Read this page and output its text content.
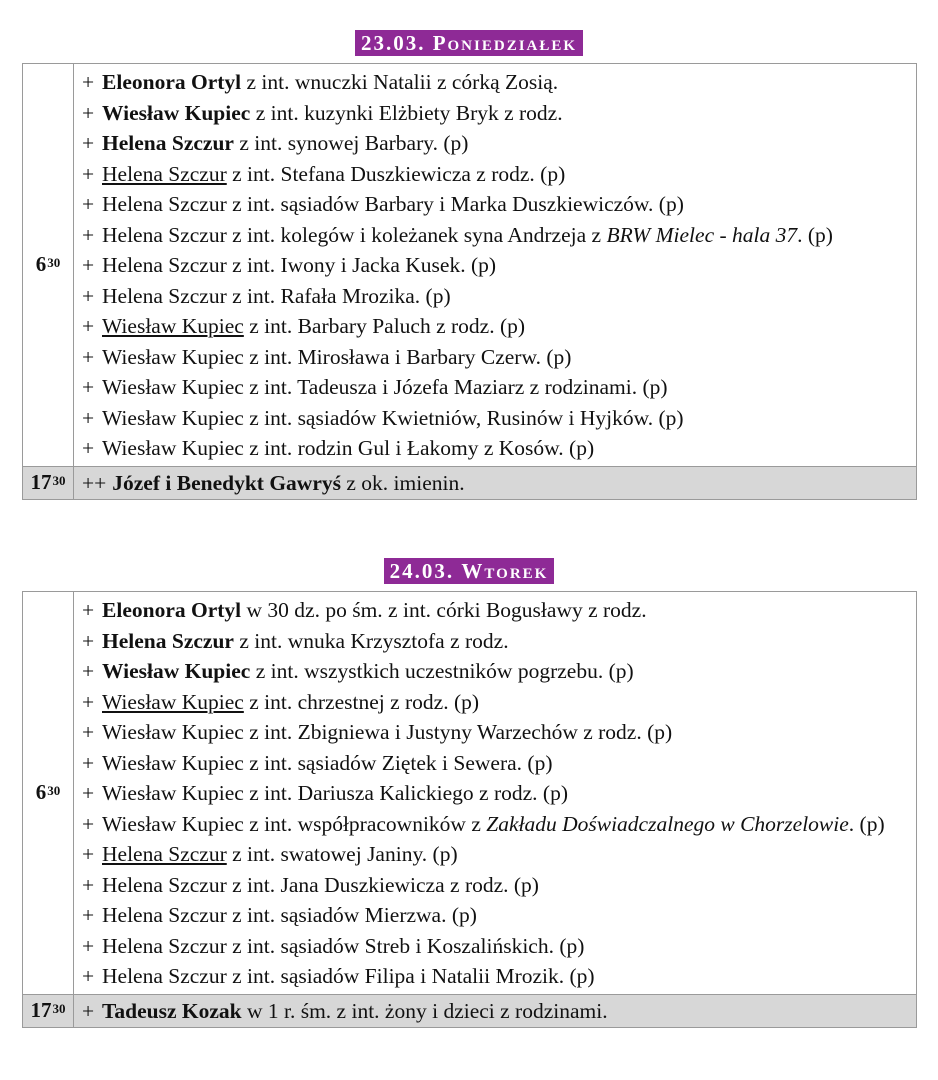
23.03. Poniedziałek
$6^{30}$
+ Eleonora Ortyl z int. wnuczki Natalii z córką Zosią.
+ Wiesław Kupiec z int. kuzynki Elżbiety Bryk z rodz.
+ Helena Szczur z int. synowej Barbary. (p)
+ Helena Szczur z int. Stefana Duszkiewicza z rodz. (p)
+ Helena Szczur z int. sąsiadów Barbary i Marka Duszkiewiczów. (p)
+ Helena Szczur z int. kolegów i koleżanek syna Andrzeja z BRW Mielec - hala 37. (p)
+ Helena Szczur z int. Iwony i Jacka Kusek. (p)
+ Helena Szczur z int. Rafała Mrozika. (p)
+ Wiesław Kupiec z int. Barbary Paluch z rodz. (p)
+ Wiesław Kupiec z int. Mirosława i Barbary Czerw. (p)
+ Wiesław Kupiec z int. Tadeusza i Józefa Maziarz z rodzinami. (p)
+ Wiesław Kupiec z int. sąsiadów Kwietniów, Rusinów i Hyjków. (p)
+ Wiesław Kupiec z int. rodzin Gul i Łakomy z Kosów. (p)
$17^{30}$ ++ Józef i Benedykt Gawryś z ok. imienin.
24.03. Wtorek
$6^{30}$
+ Eleonora Ortyl w 30 dz. po śm. z int. córki Bogusławy z rodz.
+ Helena Szczur z int. wnuka Krzysztofa z rodz.
+ Wiesław Kupiec z int. wszystkich uczestników pogrzebu. (p)
+ Wiesław Kupiec z int. chrzestnej z rodz. (p)
+ Wiesław Kupiec z int. Zbigniewa i Justyny Warzechów z rodz. (p)
+ Wiesław Kupiec z int. sąsiadów Ziętek i Sewera. (p)
+ Wiesław Kupiec z int. Dariusza Kalickiego z rodz. (p)
+ Wiesław Kupiec z int. współpracowników z Zakładu Doświadczalnego w Chorzelowie. (p)
+ Helena Szczur z int. swatowej Janiny. (p)
+ Helena Szczur z int. Jana Duszkiewicza z rodz. (p)
+ Helena Szczur z int. sąsiadów Mierzwa. (p)
+ Helena Szczur z int. sąsiadów Streb i Koszalińskich. (p)
+ Helena Szczur z int. sąsiadów Filipa i Natalii Mrozik. (p)
$17^{30}$ + Tadeusz Kozak w 1 r. śm. z int. żony i dzieci z rodzinami.
